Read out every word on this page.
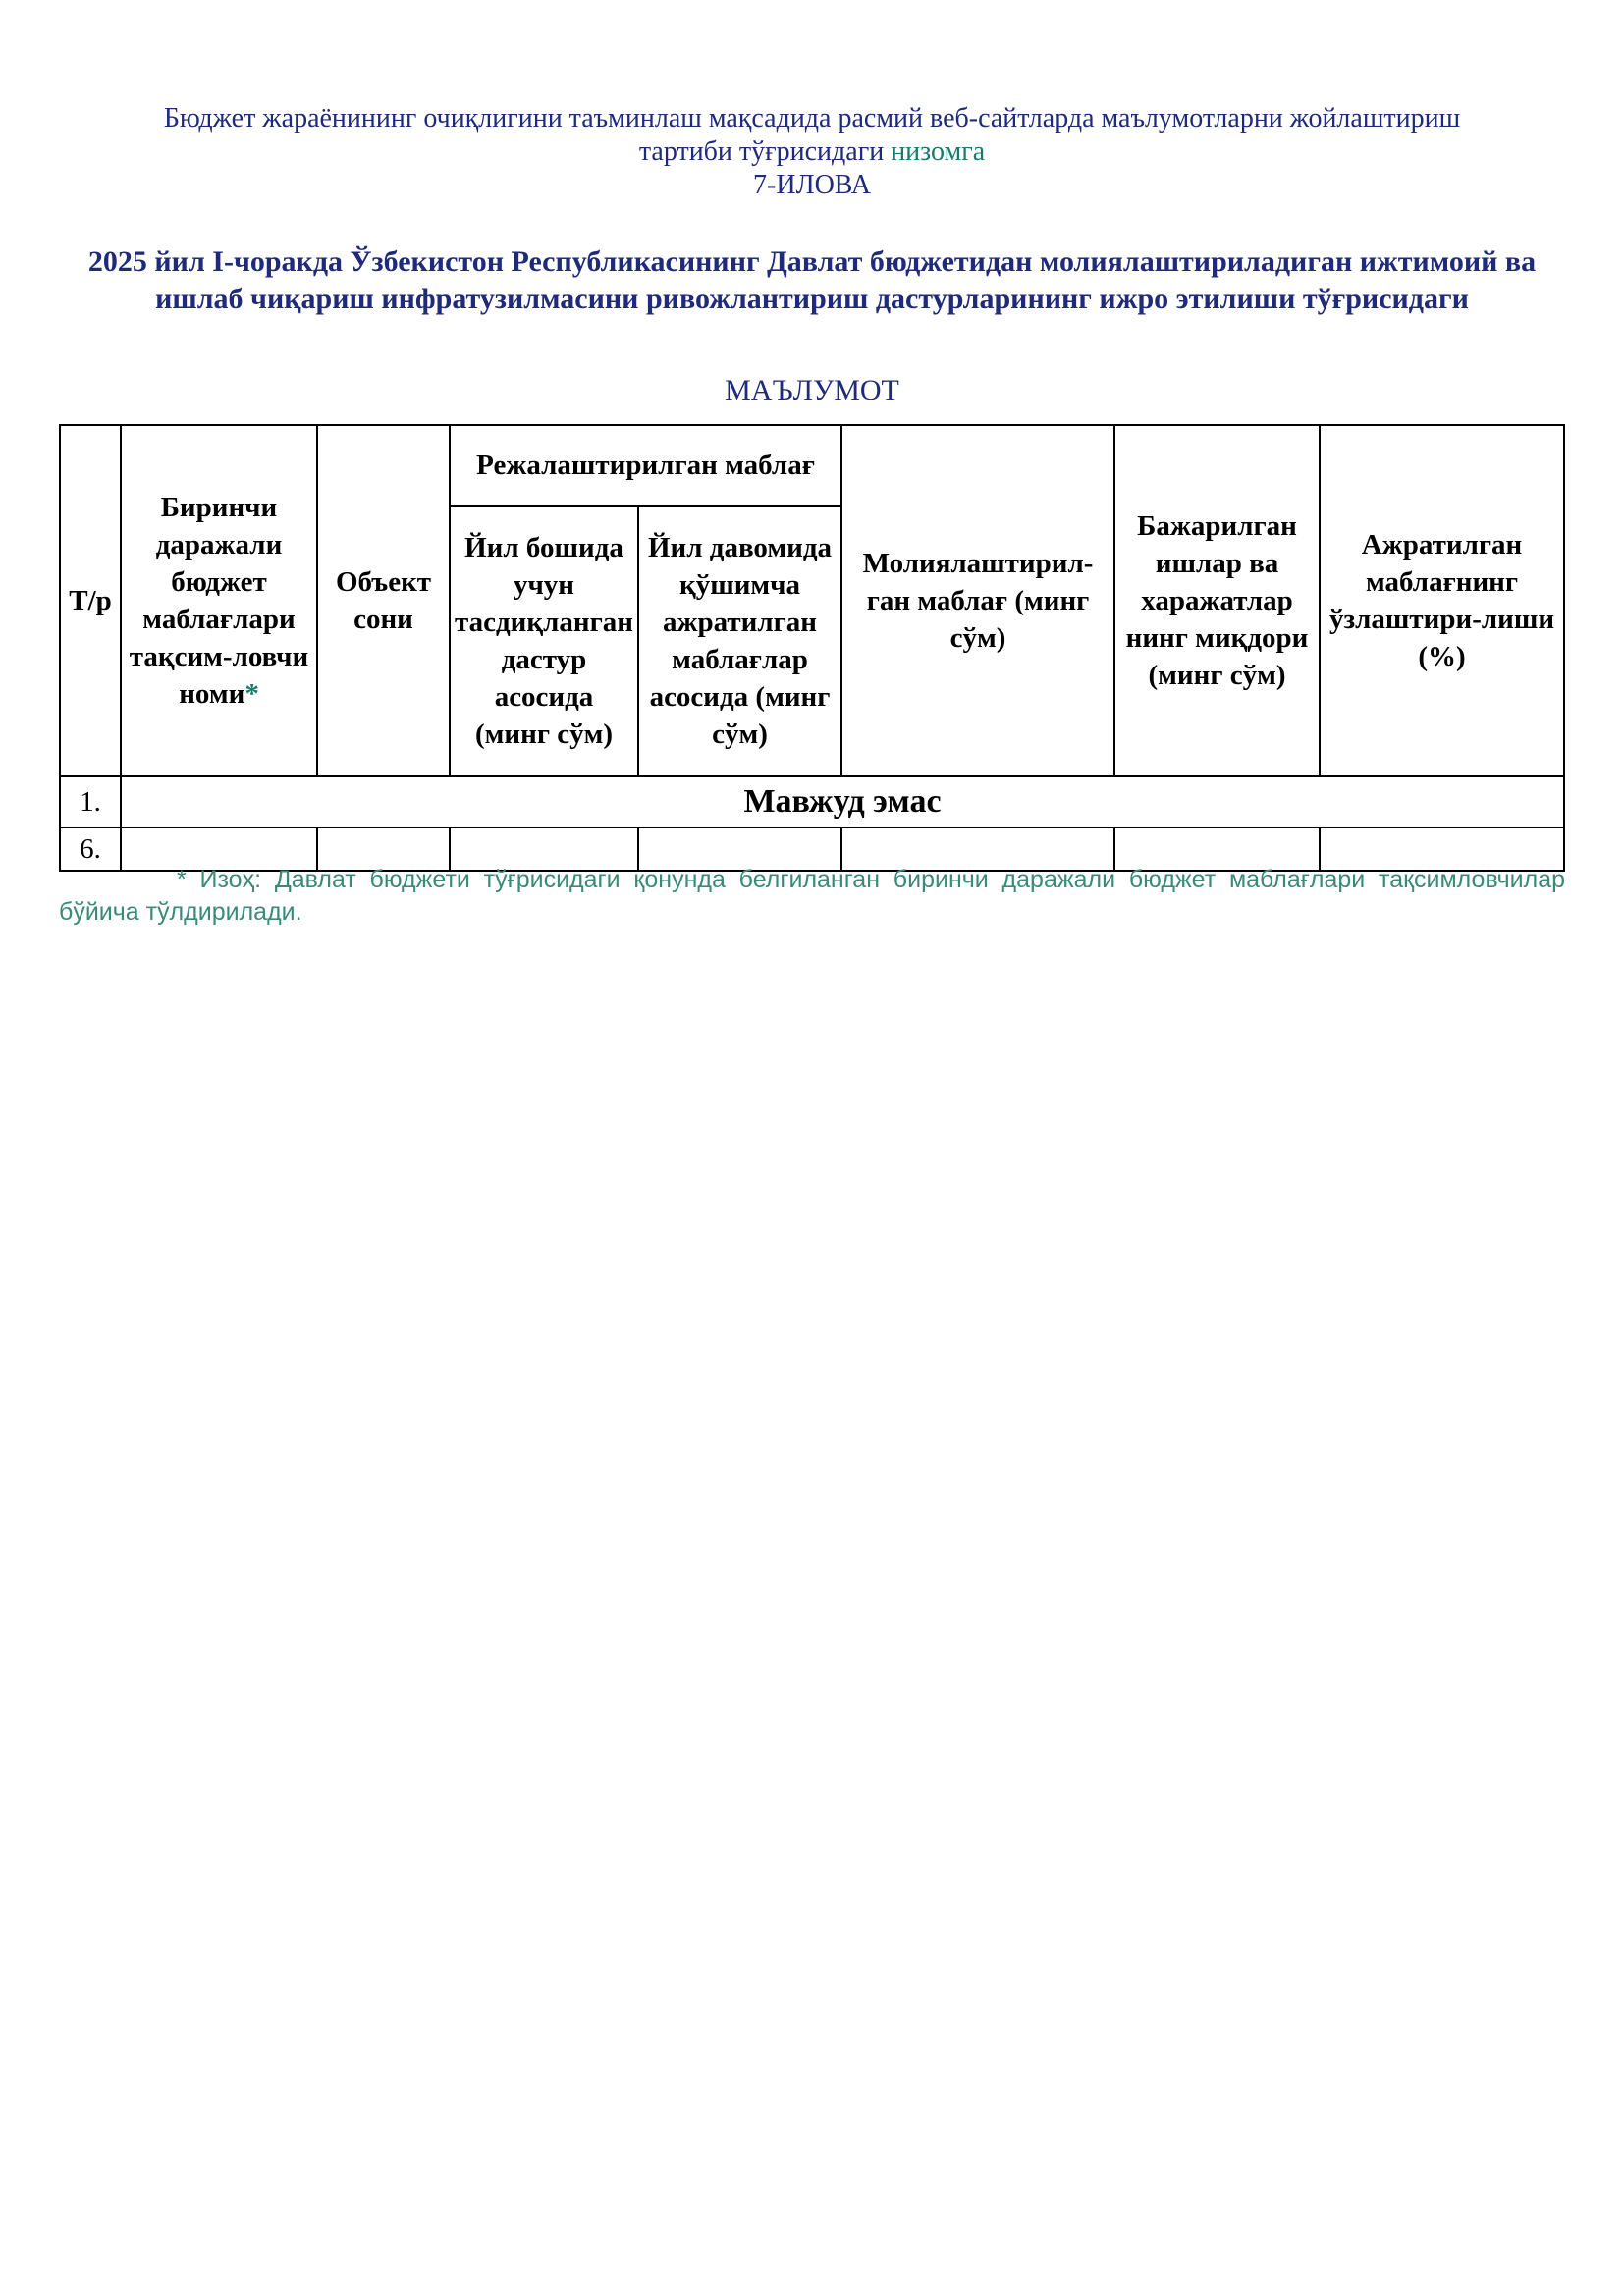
Бюджет жараёнининг очиқлигини таъминлаш мақсадида расмий веб-сайтларда маълумотларни жойлаштириш
тартиби тўғрисидаги низомга
7-ИЛОВА
2025 йил I-чоракда Ўзбекистон Республикасининг Давлат бюджетидан молиялаштириладиган ижтимоий ва ишлаб чиқариш инфратузилмасини ривожлантириш дастурларининг ижро этилиши тўғрисидаги
МАЪЛУМОТ
Т/р	Биринчи даражали бюджет маблағлари тақсим-ловчи номи*	Объект сони	Режалаштирилган маблағ		Молиялаштирил-ган маблағ (минг сўм)	Бажарилган ишлар ва харажатлар нинг миқдори (минг сўм)	Ажратилган маблағнинг ўзлаштири-лиши (%)
			Йил бошида учун тасдиқланган дастур асосида (минг сўм)	Йил давомида қўшимча ажратилган маблағлар асосида (минг сўм)			
1.	Мавжуд эмас						
6.							
* Изоҳ: Давлат бюджети тўғрисидаги қонунда белгиланган биринчи даражали бюджет маблағлари тақсимловчилар бўйича тўлдирилади.
